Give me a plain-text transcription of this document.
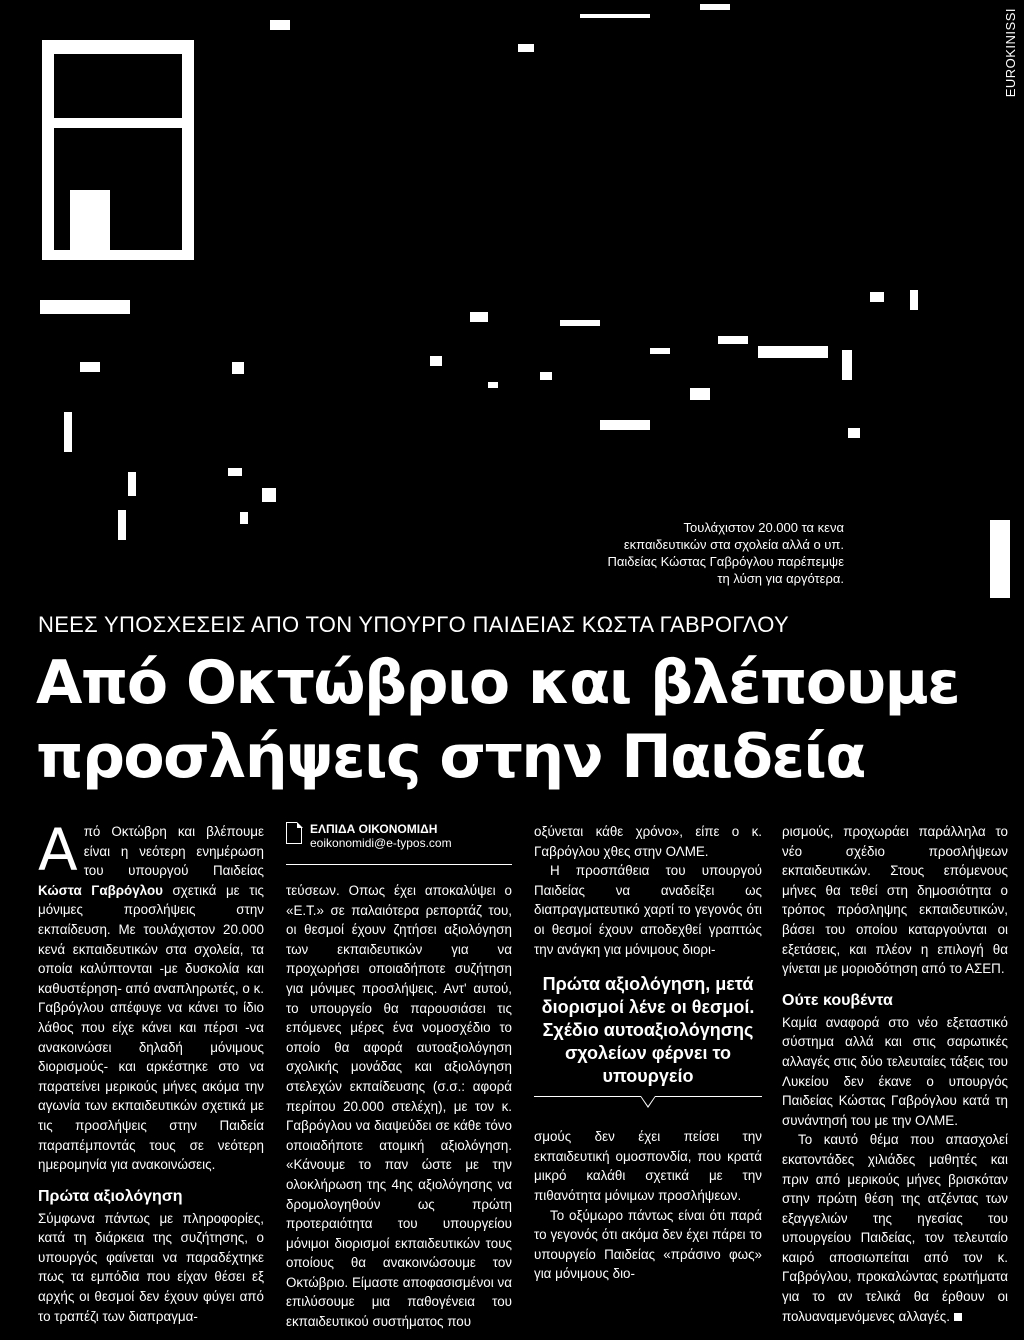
EUROKINISSI
Τουλάχιστον 20.000 τα κενα εκπαιδευτικών στα σχολεία αλλά ο υπ. Παιδείας Κώστας Γαβρόγλου παρέπεμψε τη λύση για αργότερα.
ΝΕΕΣ ΥΠΟΣΧΕΣΕΙΣ ΑΠΟ ΤΟΝ ΥΠΟΥΡΓΟ ΠΑΙΔΕΙΑΣ ΚΩΣΤΑ ΓΑΒΡΟΓΛΟΥ
Από Οκτώβριο και βλέπουμε προσλήψεις στην Παιδεία

Από Οκτώβρη και βλέπουμε είναι η νεότερη ενημέρωση του υπουργού Παιδείας Κώστα Γαβρόγλου σχετικά με τις μόνιμες προσλήψεις στην εκπαίδευση. Με τουλάχιστον 20.000 κενά εκπαιδευτικών στα σχολεία, τα οποία καλύπτονται -με δυσκολία και καθυστέρηση- από αναπληρωτές, ο κ. Γαβρόγλου απέφυγε να κάνει το ίδιο λάθος που είχε κάνει και πέρσι -να ανακοινώσει δηλαδή μόνιμους διορισμούς- και αρκέστηκε στο να παρατείνει μερικούς μήνες ακόμα την αγωνία των εκπαιδευτικών σχετικά με τις προσλήψεις στην Παιδεία παραπέμποντάς τους σε νεότερη ημερομηνία για ανακοινώσεις.

Πρώτα αξιολόγηση

Σύμφωνα πάντως με πληροφορίες, κατά τη διάρκεια της συζήτησης, ο υπουργός φαίνεται να παραδέχτηκε πως τα εμπόδια που είχαν θέσει εξ αρχής οι θεσμοί δεν έχουν φύγει από το τραπέζι των διαπραγμα-

ΕΛΠΙΔΑ ΟΙΚΟΝΟΜΙΔΗ
eoikonomidi@e-typos.com

τεύσεων. Οπως έχει αποκαλύψει ο «Ε.Τ.» σε παλαιότερα ρεπορτάζ του, οι θεσμοί έχουν ζητήσει αξιολόγηση των εκπαιδευτικών για να προχωρήσει οποιαδήποτε συζήτηση για μόνιμες προσλήψεις. Αντ' αυτού, το υπουργείο θα παρουσιάσει τις επόμενες μέρες ένα νομοσχέδιο το οποίο θα αφορά αυτοαξιολόγηση σχολικής μονάδας και αξιολόγηση στελεχών εκπαίδευσης (σ.σ.: αφορά περίπου 20.000 στελέχη), με τον κ. Γαβρόγλου να διαψεύδει σε κάθε τόνο οποιαδήποτε ατομική αξιολόγηση. «Κάνουμε το παν ώστε με την ολοκλήρωση της 4ης αξιολόγησης να δρομολογηθούν ως πρώτη προτεραιότητα του υπουργείου μόνιμοι διορισμοί εκπαιδευτικών τους οποίους θα ανακοινώσουμε τον Οκτώβριο. Είμαστε αποφασισμένοι να επιλύσουμε μια παθογένεια του εκπαιδευτικού συστήματος που

οξύνεται κάθε χρόνο», είπε ο κ. Γαβρόγλου χθες στην ΟΛΜΕ.

Η προσπάθεια του υπουργού Παιδείας να αναδείξει ως διαπραγματευτικό χαρτί το γεγονός ότι οι θεσμοί έχουν αποδεχθεί γραπτώς την ανάγκη για μόνιμους διορι-

Πρώτα αξιολόγηση, μετά διορισμοί λένε οι θεσμοί. Σχέδιο αυτοαξιολόγησης σχολείων φέρνει το υπουργείο

σμούς δεν έχει πείσει την εκπαιδευτική ομοσπονδία, που κρατά μικρό καλάθι σχετικά με την πιθανότητα μόνιμων προσλήψεων.

Το οξύμωρο πάντως είναι ότι παρά το γεγονός ότι ακόμα δεν έχει πάρει το υπουργείο Παιδείας «πράσινο φως» για μόνιμους διο-

ρισμούς, προχωράει παράλληλα το νέο σχέδιο προσλήψεων εκπαιδευτικών. Στους επόμενους μήνες θα τεθεί στη δημοσιότητα ο τρόπος πρόσληψης εκπαιδευτικών, βάσει του οποίου καταργούνται οι εξετάσεις, και πλέον η επιλογή θα γίνεται με μοριοδότηση από το ΑΣΕΠ.

Ούτε κουβέντα

Καμία αναφορά στο νέο εξεταστικό σύστημα αλλά και στις σαρωτικές αλλαγές στις δύο τελευταίες τάξεις του Λυκείου δεν έκανε ο υπουργός Παιδείας Κώστας Γαβρόγλου κατά τη συνάντησή του με την ΟΛΜΕ.

Το καυτό θέμα που απασχολεί εκατοντάδες χιλιάδες μαθητές και πριν από μερικούς μήνες βρισκόταν στην πρώτη θέση της ατζέντας των εξαγγελιών της ηγεσίας του υπουργείου Παιδείας, τον τελευταίο καιρό αποσιωπείται από τον κ. Γαβρόγλου, προκαλώντας ερωτήματα για το αν τελικά θα έρθουν οι πολυαναμενόμενες αλλαγές.
